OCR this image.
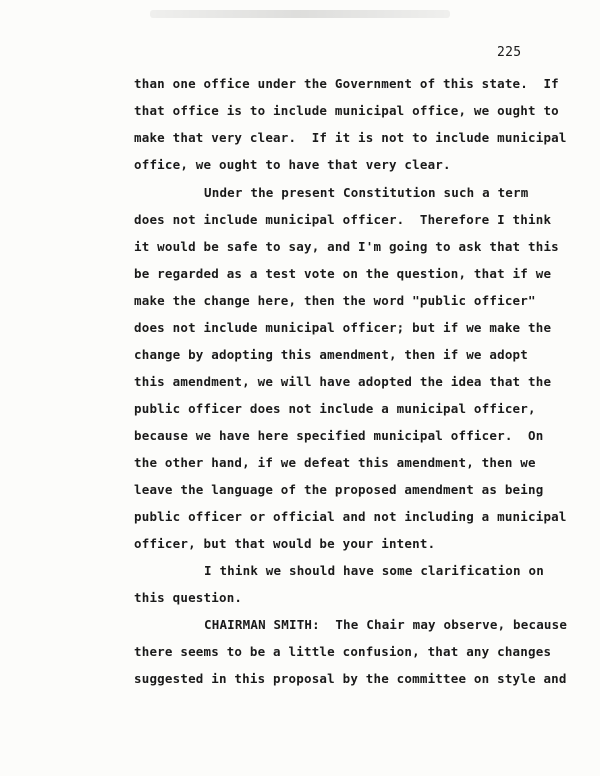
225
than one office under the Government of this state.  If
that office is to include municipal office, we ought to
make that very clear.  If it is not to include municipal
office, we ought to have that very clear.
Under the present Constitution such a term
does not include municipal officer.  Therefore I think
it would be safe to say, and I'm going to ask that this
be regarded as a test vote on the question, that if we
make the change here, then the word "public officer"
does not include municipal officer; but if we make the
change by adopting this amendment, then if we adopt
this amendment, we will have adopted the idea that the
public officer does not include a municipal officer,
because we have here specified municipal officer.  On
the other hand, if we defeat this amendment, then we
leave the language of the proposed amendment as being
public officer or official and not including a municipal
officer, but that would be your intent.
I think we should have some clarification on
this question.
CHAIRMAN SMITH:  The Chair may observe, because
there seems to be a little confusion, that any changes
suggested in this proposal by the committee on style and
